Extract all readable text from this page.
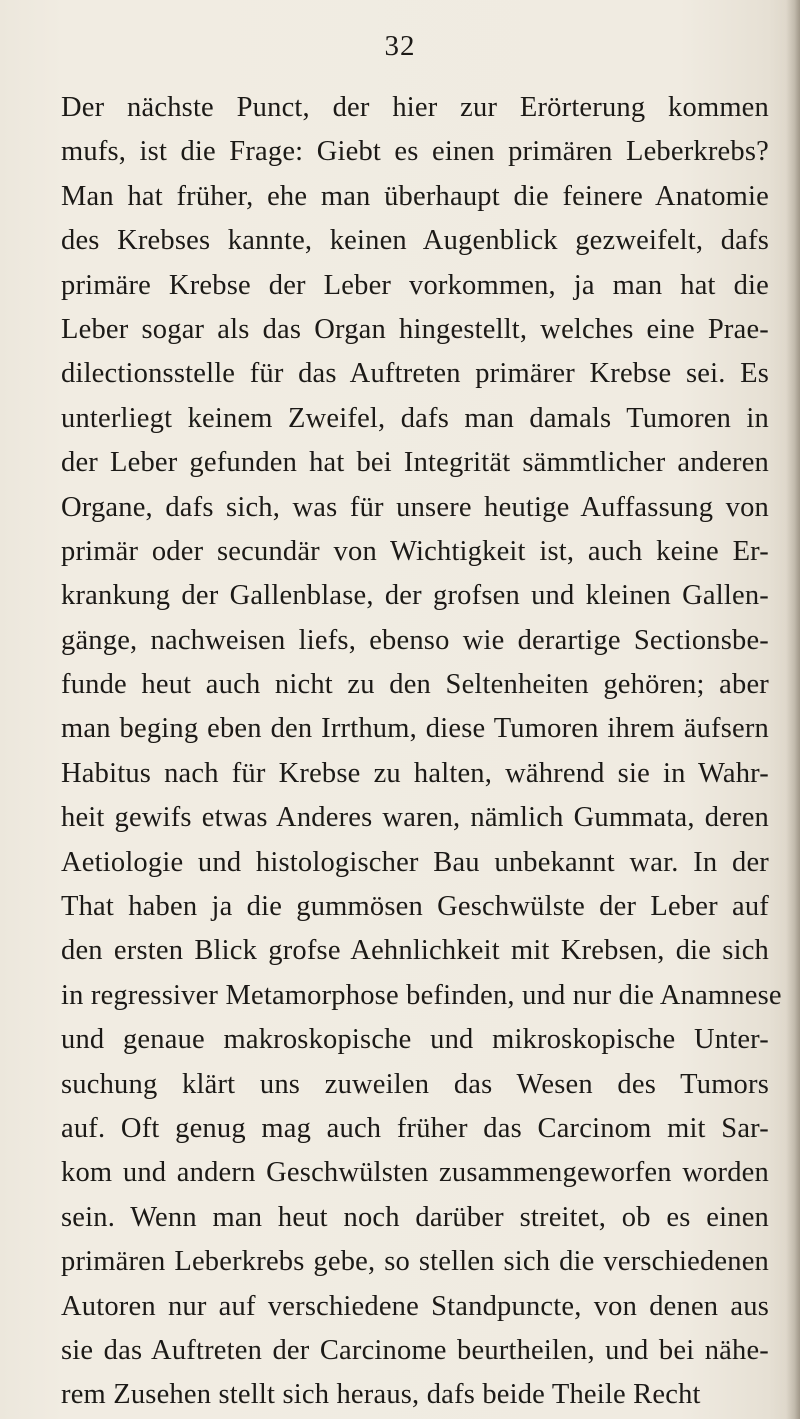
32
Der nächste Punct, der hier zur Erörterung kommen
mufs, ist die Frage: Giebt es einen primären Leberkrebs?
Man hat früher, ehe man überhaupt die feinere Anatomie
des Krebses kannte, keinen Augenblick gezweifelt, dafs
primäre Krebse der Leber vorkommen, ja man hat die
Leber sogar als das Organ hingestellt, welches eine Prae-
dilectionsstelle für das Auftreten primärer Krebse sei. Es
unterliegt keinem Zweifel, dafs man damals Tumoren in
der Leber gefunden hat bei Integrität sämmtlicher anderen
Organe, dafs sich, was für unsere heutige Auffassung von
primär oder secundär von Wichtigkeit ist, auch keine Er-
krankung der Gallenblase, der grofsen und kleinen Gallen-
gänge, nachweisen liefs, ebenso wie derartige Sectionsbe-
funde heut auch nicht zu den Seltenheiten gehören; aber
man beging eben den Irrthum, diese Tumoren ihrem äufsern
Habitus nach für Krebse zu halten, während sie in Wahr-
heit gewifs etwas Anderes waren, nämlich Gummata, deren
Aetiologie und histologischer Bau unbekannt war. In der
That haben ja die gummösen Geschwülste der Leber auf
den ersten Blick grofse Aehnlichkeit mit Krebsen, die sich
in regressiver Metamorphose befinden, und nur die Anamnese
und genaue makroskopische und mikroskopische Unter-
suchung klärt uns zuweilen das Wesen des Tumors
auf. Oft genug mag auch früher das Carcinom mit Sar-
kom und andern Geschwülsten zusammengeworfen worden
sein. Wenn man heut noch darüber streitet, ob es einen
primären Leberkrebs gebe, so stellen sich die verschiedenen
Autoren nur auf verschiedene Standpuncte, von denen aus
sie das Auftreten der Carcinome beurtheilen, und bei nähe-
rem Zusehen stellt sich heraus, dafs beide Theile Recht
